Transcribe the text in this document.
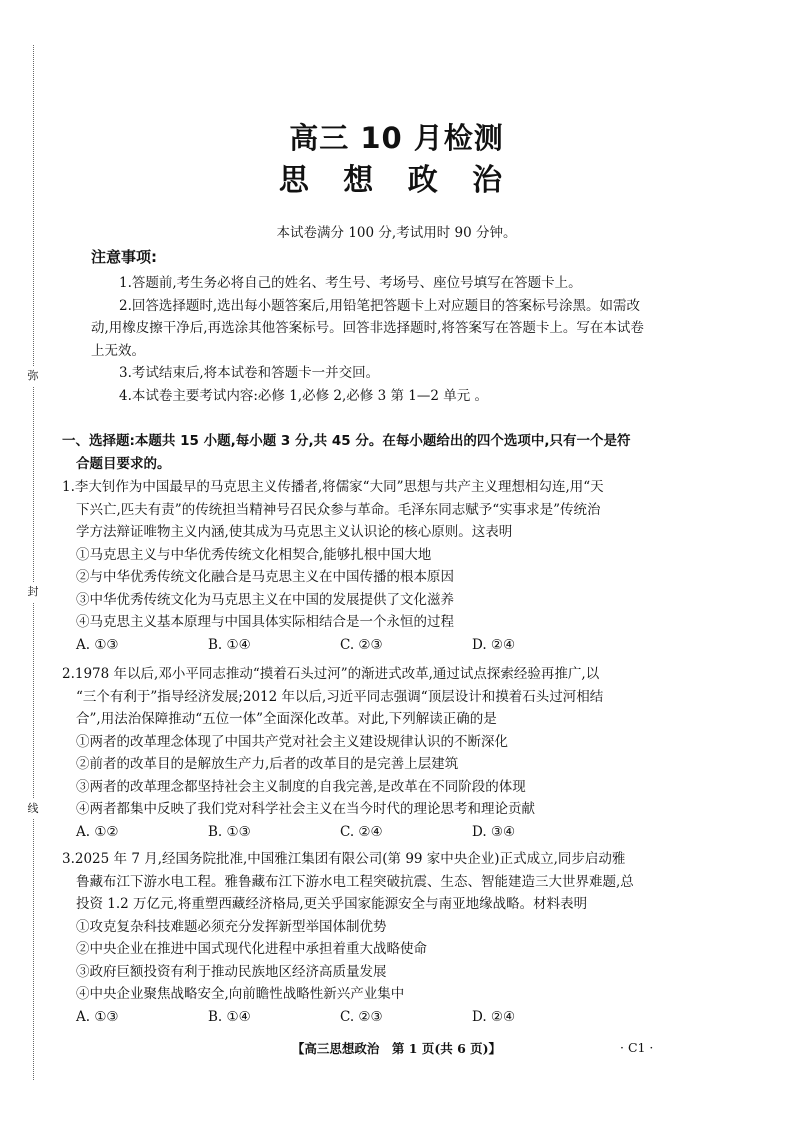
弥
封
线
高三 10 月检测
思 想 政 治
本试卷满分 100 分,考试用时 90 分钟。
注意事项:
1.答题前,考生务必将自己的姓名、考生号、考场号、座位号填写在答题卡上。
2.回答选择题时,选出每小题答案后,用铅笔把答题卡上对应题目的答案标号涂黑。如需改动,用橡皮擦干净后,再选涂其他答案标号。回答非选择题时,将答案写在答题卡上。写在本试卷上无效。
3.考试结束后,将本试卷和答题卡一并交回。
4.本试卷主要考试内容:必修 1,必修 2,必修 3 第 1—2 单元 。
一、选择题:本题共 15 小题,每小题 3 分,共 45 分。在每小题给出的四个选项中,只有一个是符
合题目要求的。
1.李大钊作为中国最早的马克思主义传播者,将儒家“大同”思想与共产主义理想相勾连,用“天
下兴亡,匹夫有责”的传统担当精神号召民众参与革命。毛泽东同志赋予“实事求是”传统治
学方法辩证唯物主义内涵,使其成为马克思主义认识论的核心原则。这表明
①马克思主义与中华优秀传统文化相契合,能够扎根中国大地
②与中华优秀传统文化融合是马克思主义在中国传播的根本原因
③中华优秀传统文化为马克思主义在中国的发展提供了文化滋养
④马克思主义基本原理与中国具体实际相结合是一个永恒的过程
A. ①③	B. ①④	C. ②③	D. ②④
2.1978 年以后,邓小平同志推动“摸着石头过河”的渐进式改革,通过试点探索经验再推广,以
“三个有利于”指导经济发展;2012 年以后,习近平同志强调“顶层设计和摸着石头过河相结
合”,用法治保障推动“五位一体”全面深化改革。对此,下列解读正确的是
①两者的改革理念体现了中国共产党对社会主义建设规律认识的不断深化
②前者的改革目的是解放生产力,后者的改革目的是完善上层建筑
③两者的改革理念都坚持社会主义制度的自我完善,是改革在不同阶段的体现
④两者都集中反映了我们党对科学社会主义在当今时代的理论思考和理论贡献
A. ①②	B. ①③	C. ②④	D. ③④
3.2025 年 7 月,经国务院批准,中国雅江集团有限公司(第 99 家中央企业)正式成立,同步启动雅
鲁藏布江下游水电工程。雅鲁藏布江下游水电工程突破抗震、生态、智能建造三大世界难题,总
投资 1.2 万亿元,将重塑西藏经济格局,更关乎国家能源安全与南亚地缘战略。材料表明
①攻克复杂科技难题必须充分发挥新型举国体制优势
②中央企业在推进中国式现代化进程中承担着重大战略使命
③政府巨额投资有利于推动民族地区经济高质量发展
④中央企业聚焦战略安全,向前瞻性战略性新兴产业集中
A. ①③	B. ①④	C. ②③	D. ②④
【高三思想政治　第 1 页(共 6 页)】	· C1 ·
